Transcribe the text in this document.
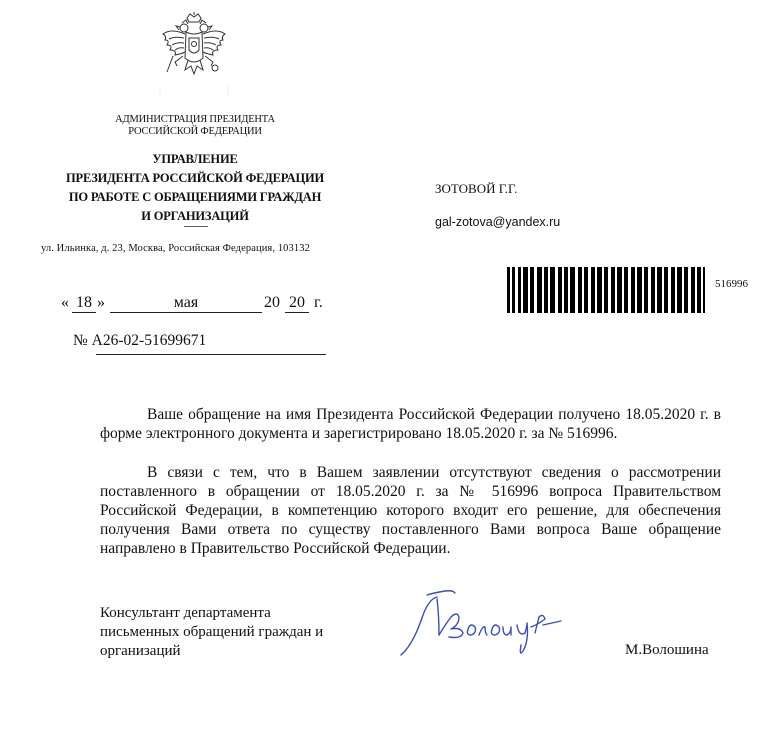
АДМИНИСТРАЦИЯ ПРЕЗИДЕНТА
РОССИЙСКОЙ ФЕДЕРАЦИИ
УПРАВЛЕНИЕ
ПРЕЗИДЕНТА РОССИЙСКОЙ ФЕДЕРАЦИИ
ПО РАБОТЕ С ОБРАЩЕНИЯМИ ГРАЖДАН
И ОРГАНИЗАЦИЙ
ул. Ильинка, д. 23, Москва, Российская Федерация, 103132
ЗОТОВОЙ Г.Г.
gal-zotova@yandex.ru
516996
« 18 »	мая	20 20 г.
№ А26-02-51699671

Ваше обращение на имя Президента Российской Федерации получено 18.05.2020 г. в форме электронного документа и зарегистрировано 18.05.2020 г. за № 516996.

В связи с тем, что в Вашем заявлении отсутствуют сведения о рассмотрении поставленного в обращении от 18.05.2020 г. за № 516996 вопроса Правительством Российской Федерации, в компетенцию которого входит его решение, для обеспечения получения Вами ответа по существу поставленного Вами вопроса Ваше обращение направлено в Правительство Российской Федерации.

Консультант департамента
письменных обращений граждан и
организаций	М.Волошина
